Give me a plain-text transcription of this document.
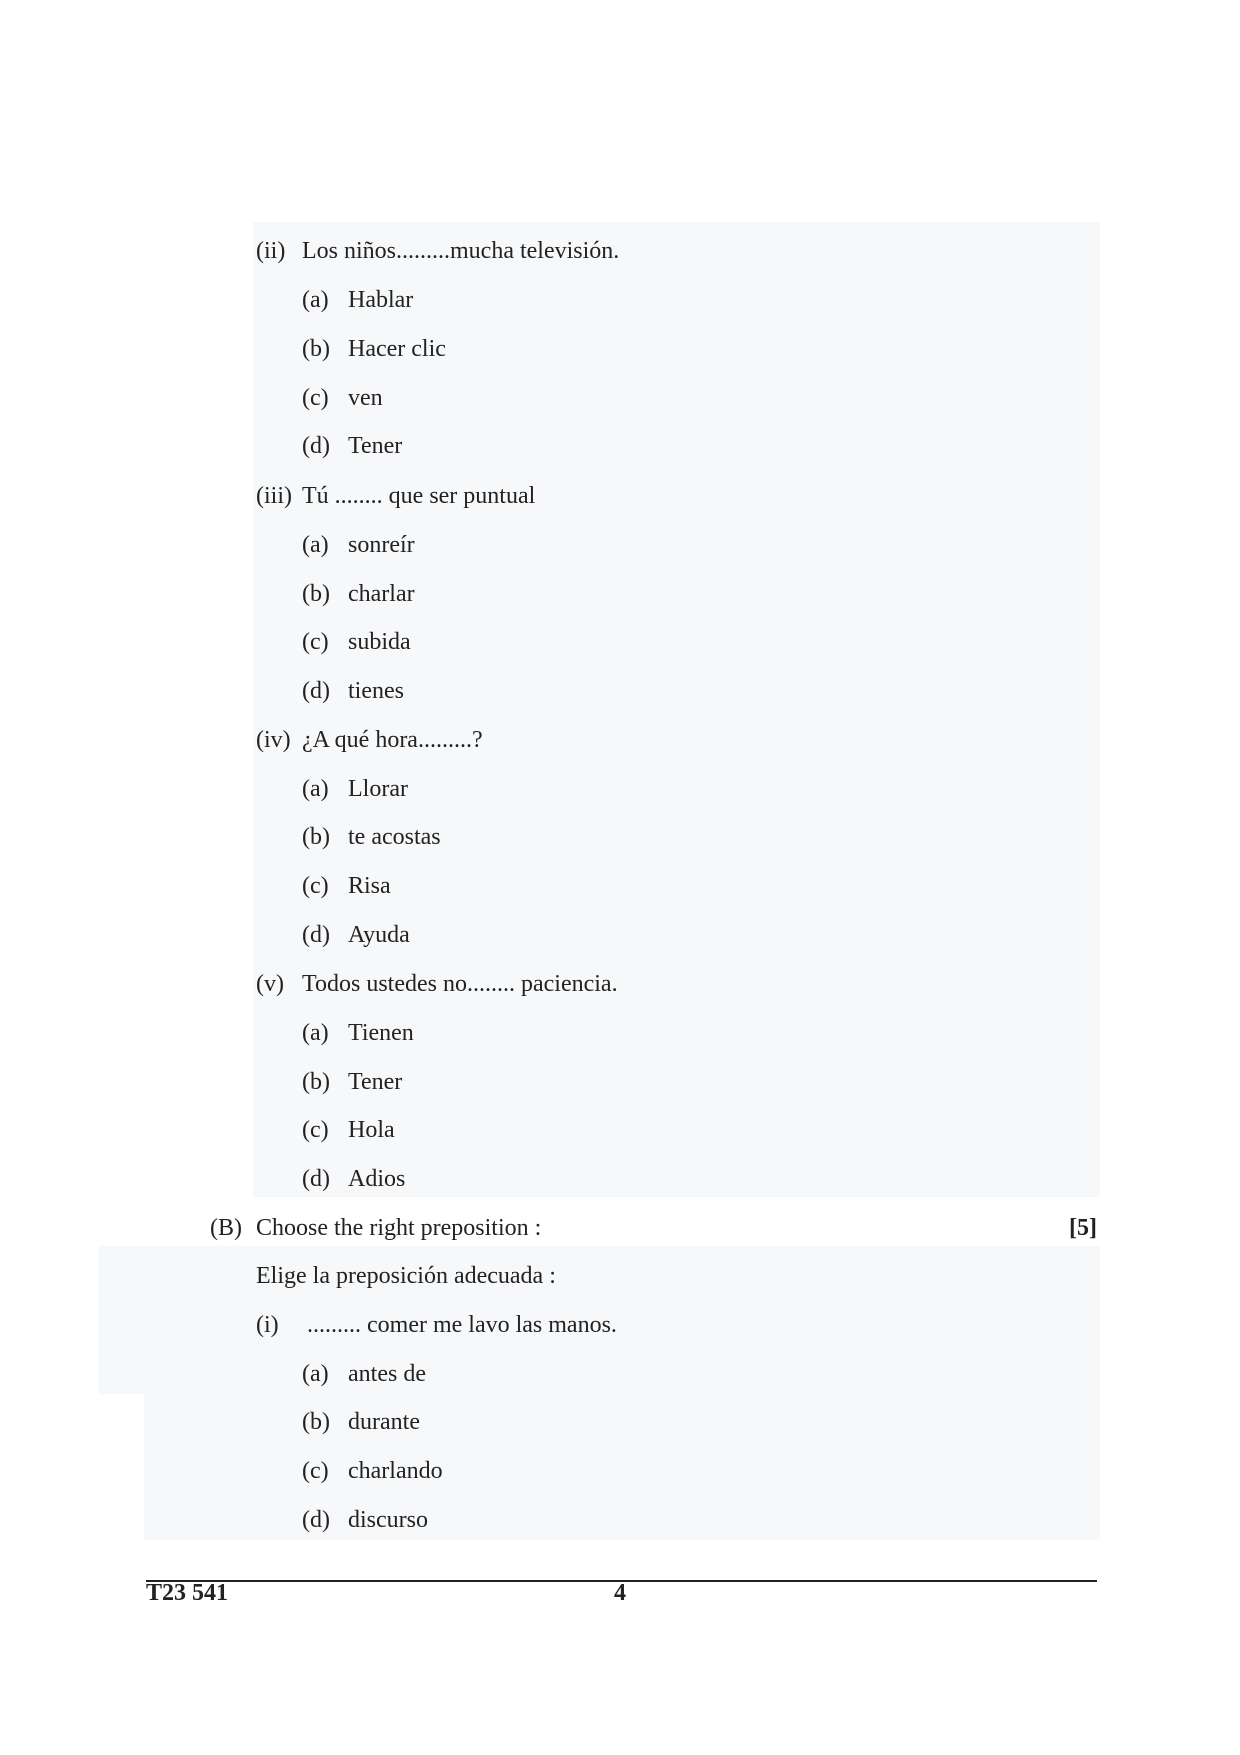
(ii) Los niños.........mucha televisión.
(a) Hablar
(b) Hacer clic
(c) ven
(d) Tener
(iii) Tú ........ que ser puntual
(a) sonreír
(b) charlar
(c) subida
(d) tienes
(iv) ¿A qué hora.........?
(a) Llorar
(b) te acostas
(c) Risa
(d) Ayuda
(v) Todos ustedes no........ paciencia.
(a) Tienen
(b) Tener
(c) Hola
(d) Adios
(B) Choose the right preposition :	[5]
Elige la preposición adecuada :
(i) ......... comer me lavo las manos.
(a) antes de
(b) durante
(c) charlando
(d) discurso
T23 541	4
